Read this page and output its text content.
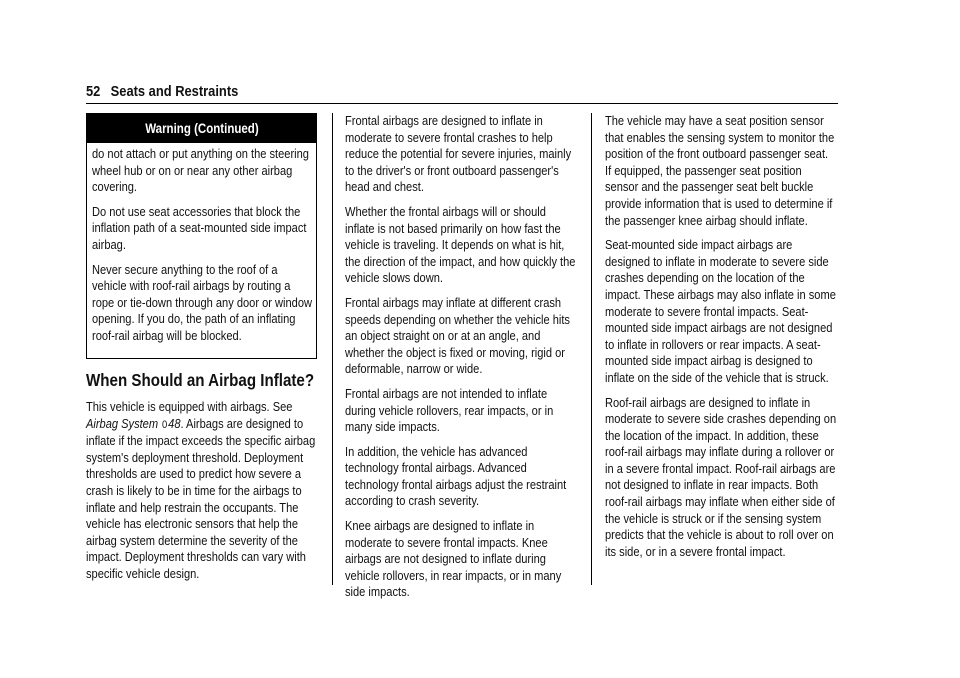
52 Seats and Restraints
Warning (Continued)

do not attach or put anything on the steering wheel hub or on or near any other airbag covering.

Do not use seat accessories that block the inflation path of a seat-mounted side impact airbag.

Never secure anything to the roof of a vehicle with roof-rail airbags by routing a rope or tie-down through any door or window opening. If you do, the path of an inflating roof-rail airbag will be blocked.

When Should an Airbag Inflate?

This vehicle is equipped with airbags. See Airbag System 048. Airbags are designed to inflate if the impact exceeds the specific airbag system's deployment threshold. Deployment thresholds are used to predict how severe a crash is likely to be in time for the airbags to inflate and help restrain the occupants. The vehicle has electronic sensors that help the airbag system determine the severity of the impact. Deployment thresholds can vary with specific vehicle design.

Frontal airbags are designed to inflate in moderate to severe frontal crashes to help reduce the potential for severe injuries, mainly to the driver's or front outboard passenger's head and chest.

Whether the frontal airbags will or should inflate is not based primarily on how fast the vehicle is traveling. It depends on what is hit, the direction of the impact, and how quickly the vehicle slows down.

Frontal airbags may inflate at different crash speeds depending on whether the vehicle hits an object straight on or at an angle, and whether the object is fixed or moving, rigid or deformable, narrow or wide.

Frontal airbags are not intended to inflate during vehicle rollovers, rear impacts, or in many side impacts.

In addition, the vehicle has advanced technology frontal airbags. Advanced technology frontal airbags adjust the restraint according to crash severity.

Knee airbags are designed to inflate in moderate to severe frontal impacts. Knee airbags are not designed to inflate during vehicle rollovers, in rear impacts, or in many side impacts.

The vehicle may have a seat position sensor that enables the sensing system to monitor the position of the front outboard passenger seat. If equipped, the passenger seat position sensor and the passenger seat belt buckle provide information that is used to determine if the passenger knee airbag should inflate.

Seat-mounted side impact airbags are designed to inflate in moderate to severe side crashes depending on the location of the impact. These airbags may also inflate in some moderate to severe frontal impacts. Seat-mounted side impact airbags are not designed to inflate in rollovers or rear impacts. A seat-mounted side impact airbag is designed to inflate on the side of the vehicle that is struck.

Roof-rail airbags are designed to inflate in moderate to severe side crashes depending on the location of the impact. In addition, these roof-rail airbags may inflate during a rollover or in a severe frontal impact. Roof-rail airbags are not designed to inflate in rear impacts. Both roof-rail airbags may inflate when either side of the vehicle is struck or if the sensing system predicts that the vehicle is about to roll over on its side, or in a severe frontal impact.
